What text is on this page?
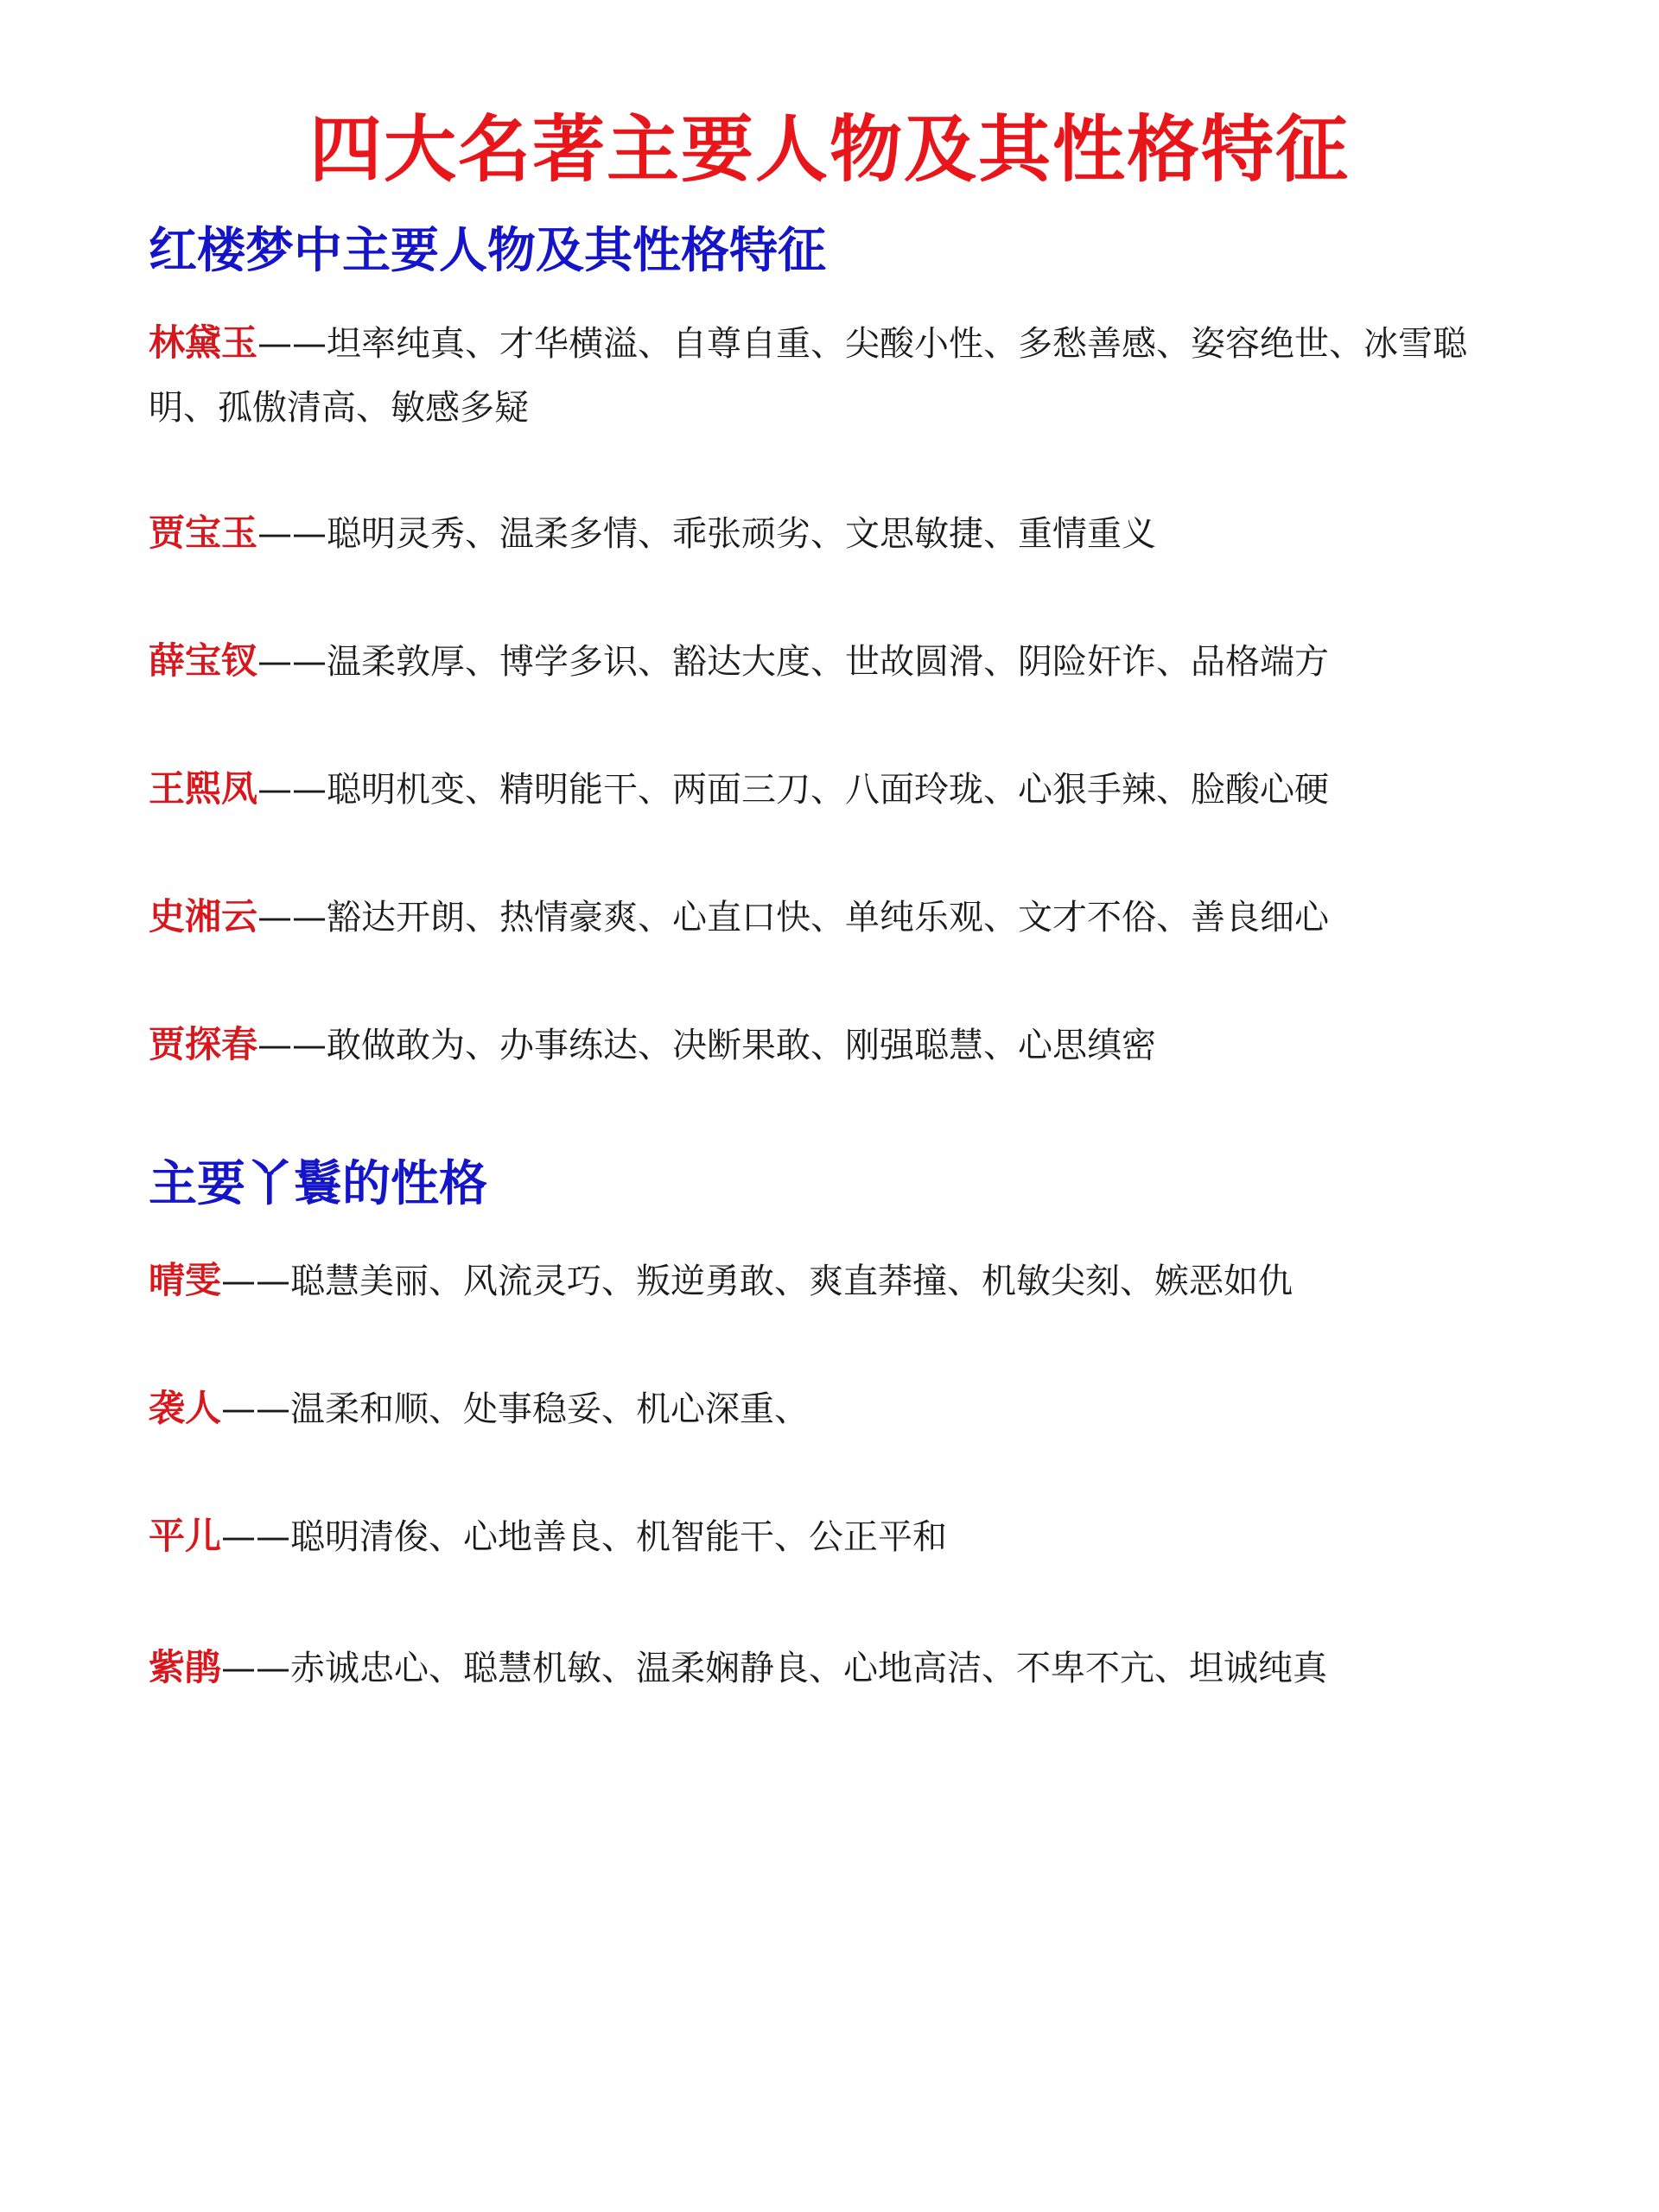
四大名著主要人物及其性格特征
红楼梦中主要人物及其性格特征
林黛玉——坦率纯真、才华横溢、自尊自重、尖酸小性、多愁善感、姿容绝世、冰雪聪明、孤傲清高、敏感多疑
贾宝玉——聪明灵秀、温柔多情、乖张顽劣、文思敏捷、重情重义
薛宝钗——温柔敦厚、博学多识、豁达大度、世故圆滑、阴险奸诈、品格端方
王熙凤——聪明机变、精明能干、两面三刀、八面玲珑、心狠手辣、脸酸心硬
史湘云——豁达开朗、热情豪爽、心直口快、单纯乐观、文才不俗、善良细心
贾探春——敢做敢为、办事练达、决断果敢、刚强聪慧、心思缜密
主要丫鬟的性格
晴雯——聪慧美丽、风流灵巧、叛逆勇敢、爽直莽撞、机敏尖刻、嫉恶如仇
袭人——温柔和顺、处事稳妥、机心深重、
平儿——聪明清俊、心地善良、机智能干、公正平和
紫鹃——赤诚忠心、聪慧机敏、温柔娴静良、心地高洁、不卑不亢、坦诚纯真
